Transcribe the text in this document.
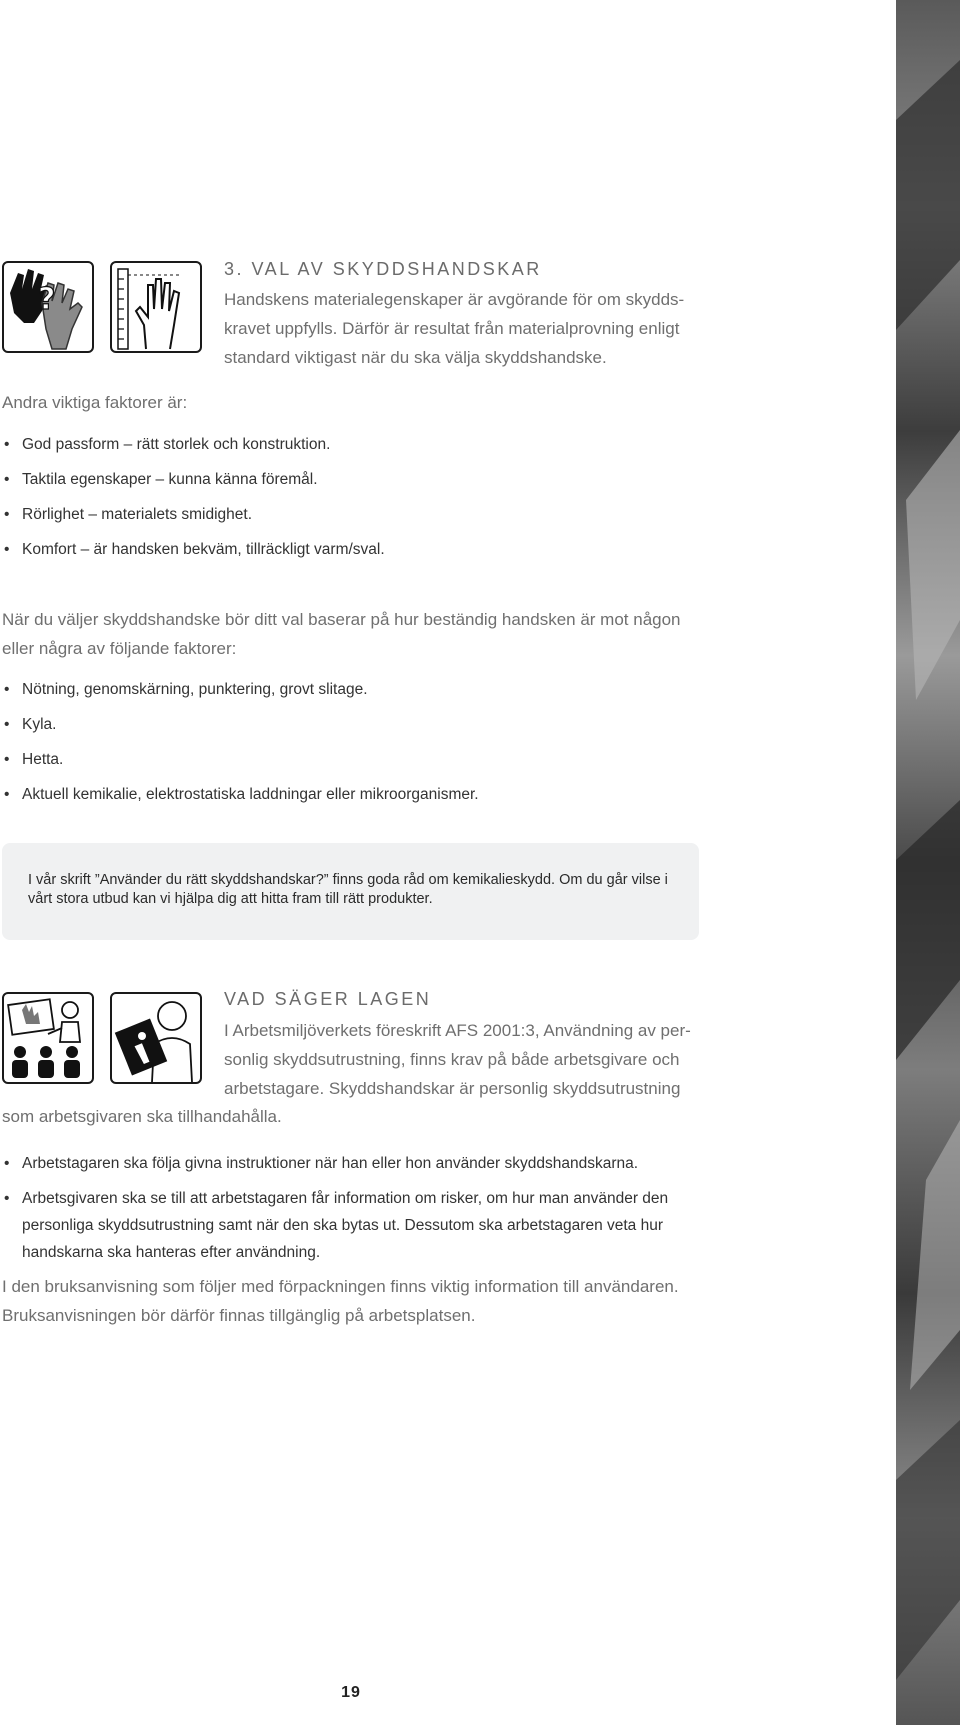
?
3. VAL AV SKYDDSHANDSKAR

Handskens materialegenskaper är avgörande för om skydds-kravet uppfylls. Därför är resultat från materialprovning enligt standard viktigast när du ska välja skyddshandske.

Andra viktiga faktorer är:

• God passform – rätt storlek och konstruktion.
• Taktila egenskaper – kunna känna föremål.
• Rörlighet – materialets smidighet.
• Komfort – är handsken bekväm, tillräckligt varm/sval.

När du väljer skyddshandske bör ditt val baserar på hur beständig handsken är mot någon eller några av följande faktorer:

• Nötning, genomskärning, punktering, grovt slitage.
• Kyla.
• Hetta.
• Aktuell kemikalie, elektrostatiska laddningar eller mikroorganismer.

I vår skrift ”Använder du rätt skyddshandskar?” finns goda råd om kemikalieskydd. Om du går vilse i vårt stora utbud kan vi hjälpa dig att hitta fram till rätt produkter.

VAD SÄGER LAGEN

I Arbetsmiljöverkets föreskrift AFS 2001:3, Användning av per-sonlig skyddsutrustning, finns krav på både arbetsgivare och arbetstagare. Skyddshandskar är personlig skyddsutrustning

som arbetsgivaren ska tillhandahålla.

• Arbetstagaren ska följa givna instruktioner när han eller hon använder skyddshandskarna.
• Arbetsgivaren ska se till att arbetstagaren får information om risker, om hur man använder den personliga skyddsutrustning samt när den ska bytas ut. Dessutom ska arbetstagaren veta hur handskarna ska hanteras efter användning.

I den bruksanvisning som följer med förpackningen finns viktig information till användaren. Bruksanvisningen bör därför finnas tillgänglig på arbetsplatsen.

19
